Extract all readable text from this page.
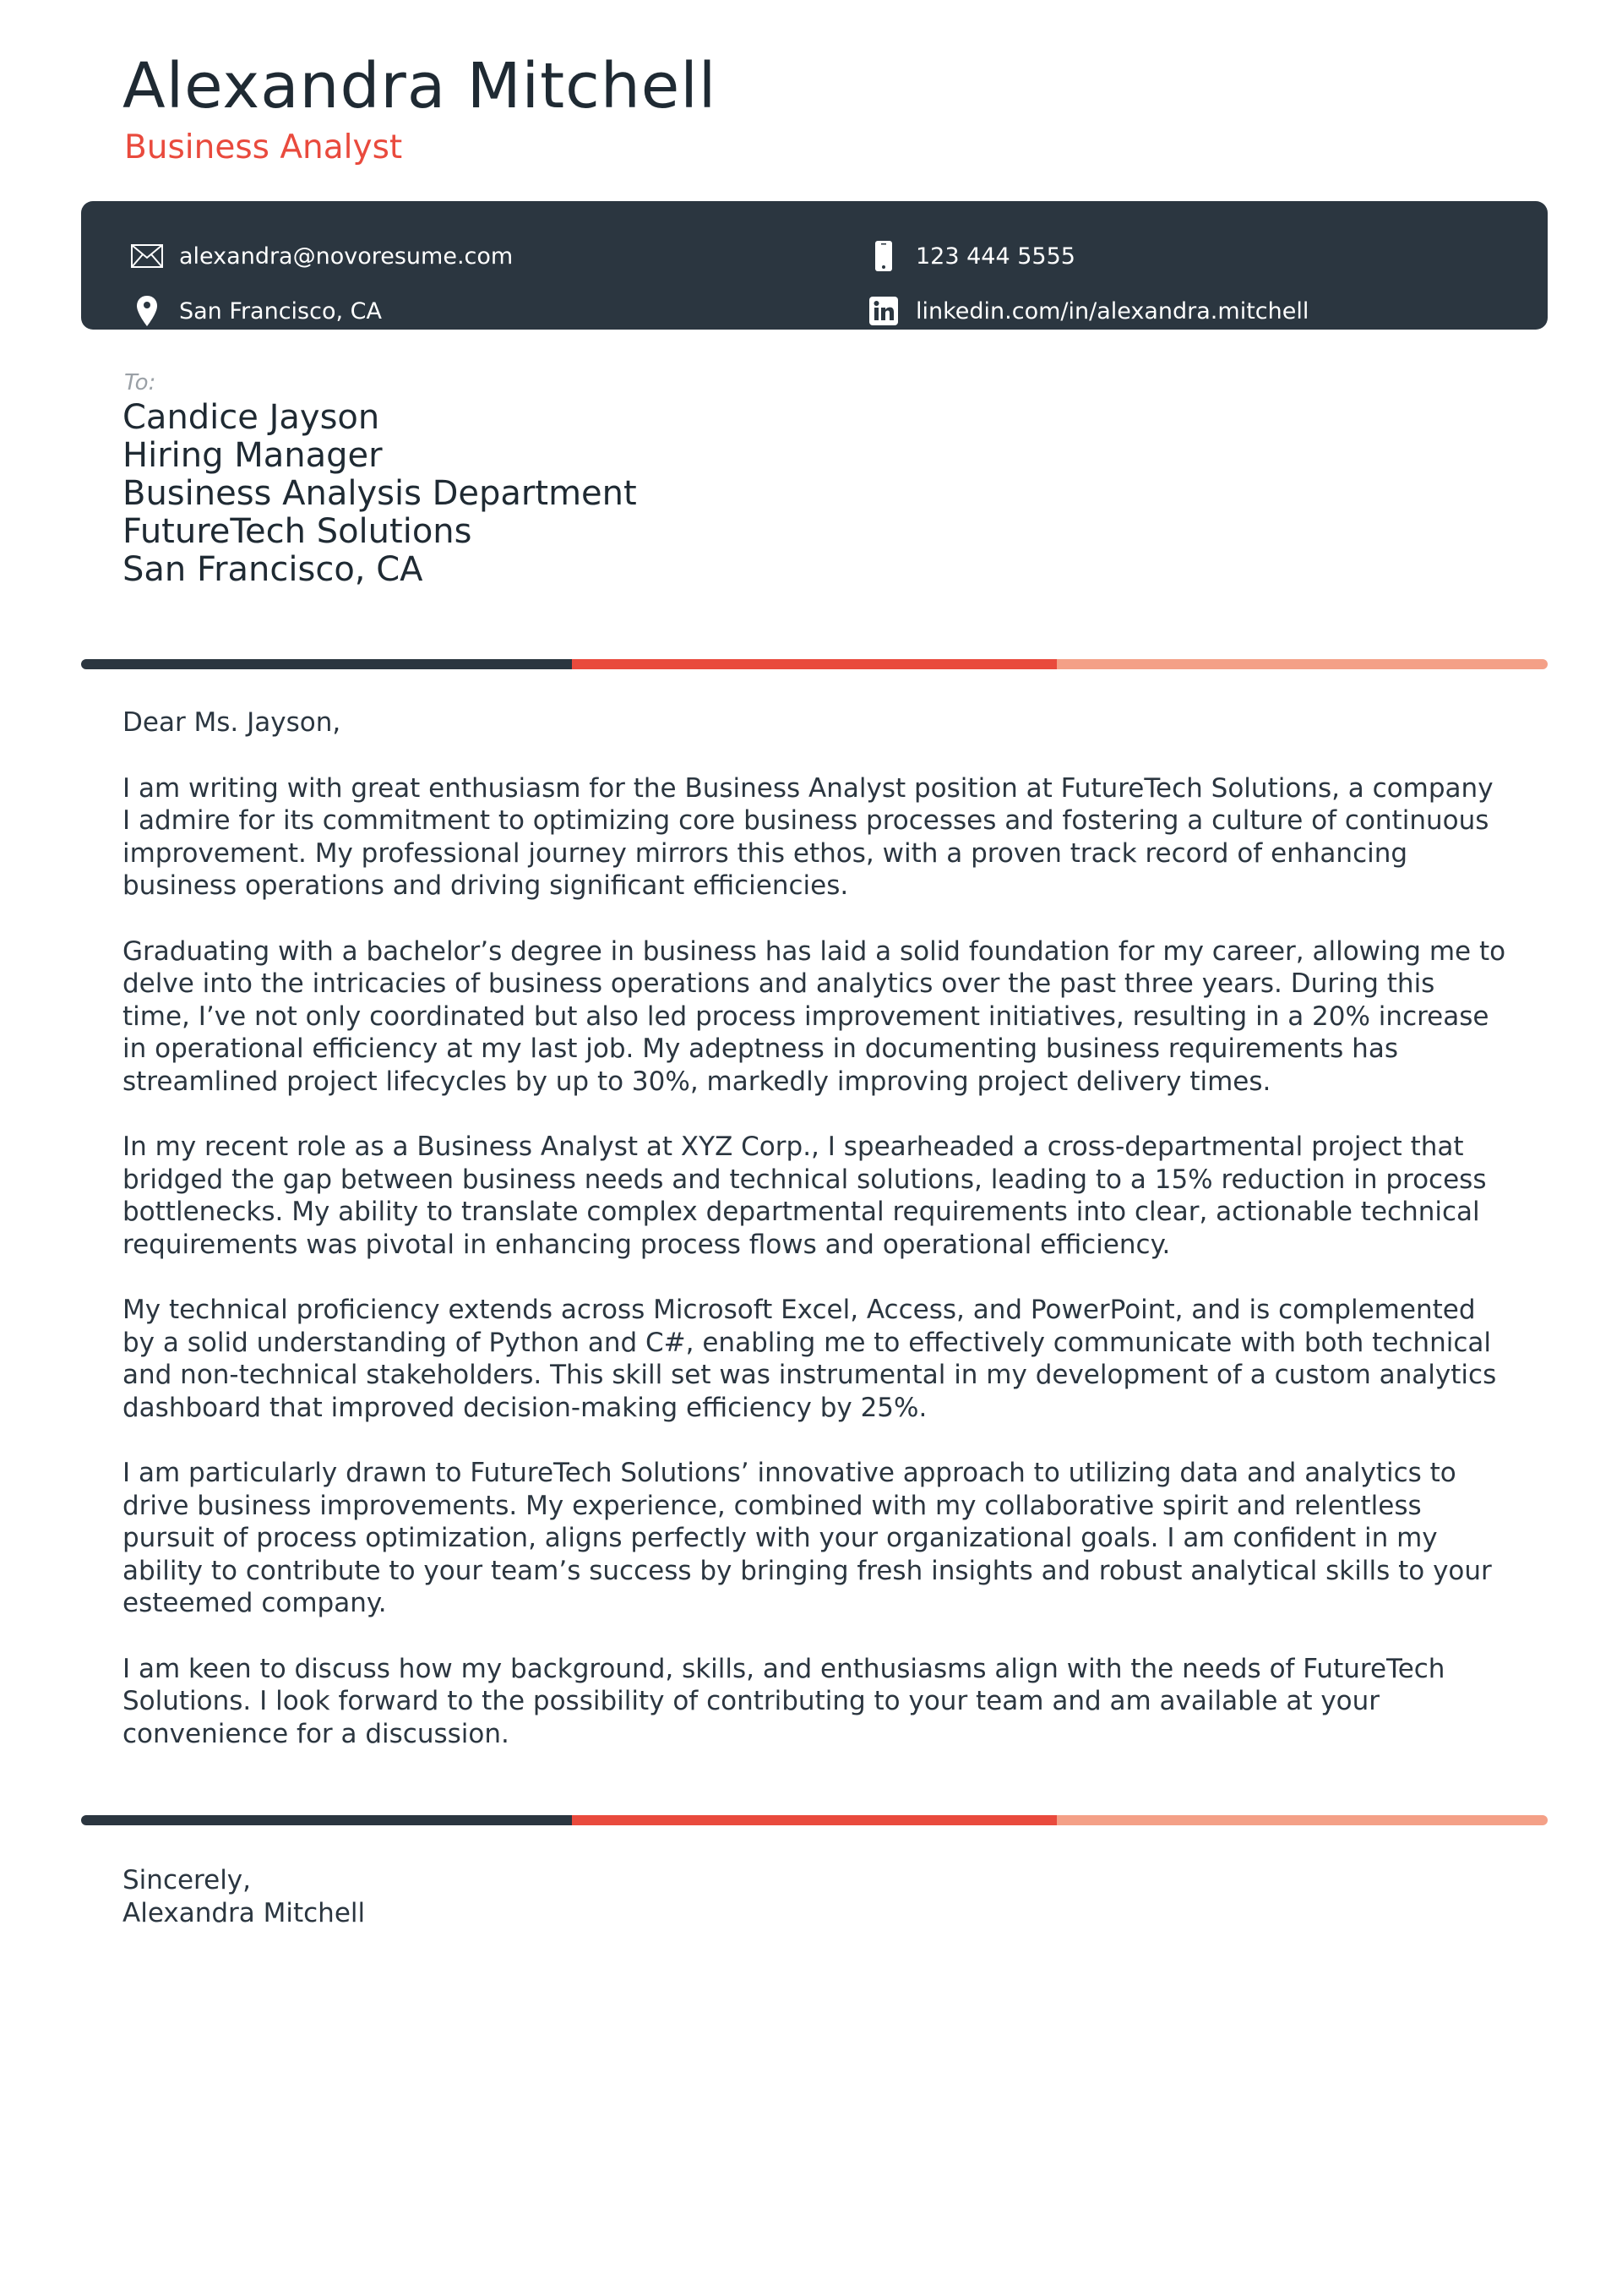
Alexandra Mitchell
Business Analyst
alexandra@novoresume.com
San Francisco, CA
123 444 5555
linkedin.com/in/alexandra.mitchell
To:
Candice Jayson
Hiring Manager
Business Analysis Department
FutureTech Solutions
San Francisco, CA

Dear Ms. Jayson,

I am writing with great enthusiasm for the Business Analyst position at FutureTech Solutions, a company I admire for its commitment to optimizing core business processes and fostering a culture of continuous improvement. My professional journey mirrors this ethos, with a proven track record of enhancing business operations and driving significant efficiencies.

Graduating with a bachelor’s degree in business has laid a solid foundation for my career, allowing me to delve into the intricacies of business operations and analytics over the past three years. During this time, I’ve not only coordinated but also led process improvement initiatives, resulting in a 20% increase in operational efficiency at my last job. My adeptness in documenting business requirements has streamlined project lifecycles by up to 30%, markedly improving project delivery times.

In my recent role as a Business Analyst at XYZ Corp., I spearheaded a cross-departmental project that bridged the gap between business needs and technical solutions, leading to a 15% reduction in process bottlenecks. My ability to translate complex departmental requirements into clear, actionable technical requirements was pivotal in enhancing process flows and operational efficiency.

My technical proficiency extends across Microsoft Excel, Access, and PowerPoint, and is complemented by a solid understanding of Python and C#, enabling me to effectively communicate with both technical and non-technical stakeholders. This skill set was instrumental in my development of a custom analytics dashboard that improved decision-making efficiency by 25%.

I am particularly drawn to FutureTech Solutions’ innovative approach to utilizing data and analytics to drive business improvements. My experience, combined with my collaborative spirit and relentless pursuit of process optimization, aligns perfectly with your organizational goals. I am confident in my ability to contribute to your team’s success by bringing fresh insights and robust analytical skills to your esteemed company.

I am keen to discuss how my background, skills, and enthusiasms align with the needs of FutureTech Solutions. I look forward to the possibility of contributing to your team and am available at your convenience for a discussion.

Sincerely,
Alexandra Mitchell
